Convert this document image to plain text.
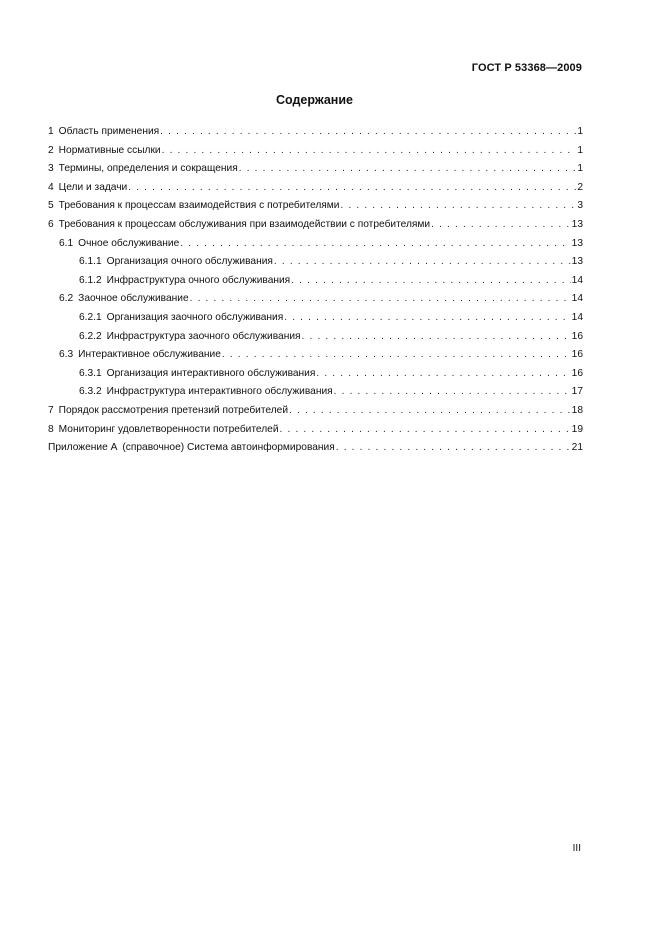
ГОСТ Р 53368—2009
Содержание
1 Область применения . . .	1
2 Нормативные ссылки . . .	1
3 Термины, определения и сокращения . . .	1
4 Цели и задачи . . .	2
5 Требования к процессам взаимодействия с потребителями . . .	3
6 Требования к процессам обслуживания при взаимодействии с потребителями . . .	13
6.1 Очное обслуживание . . .	13
6.1.1 Организация очного обслуживания . . .	13
6.1.2 Инфраструктура очного обслуживания . . .	14
6.2 Заочное обслуживание . . .	14
6.2.1 Организация заочного обслуживания . . .	14
6.2.2 Инфраструктура заочного обслуживания . . .	16
6.3 Интерактивное обслуживание . . .	16
6.3.1 Организация интерактивного обслуживания . . .	16
6.3.2 Инфраструктура интерактивного обслуживания . . .	17
7 Порядок рассмотрения претензий потребителей . . .	18
8 Мониторинг удовлетворенности потребителей . . .	19
Приложение А (справочное) Система автоинформирования . . .	21
III
